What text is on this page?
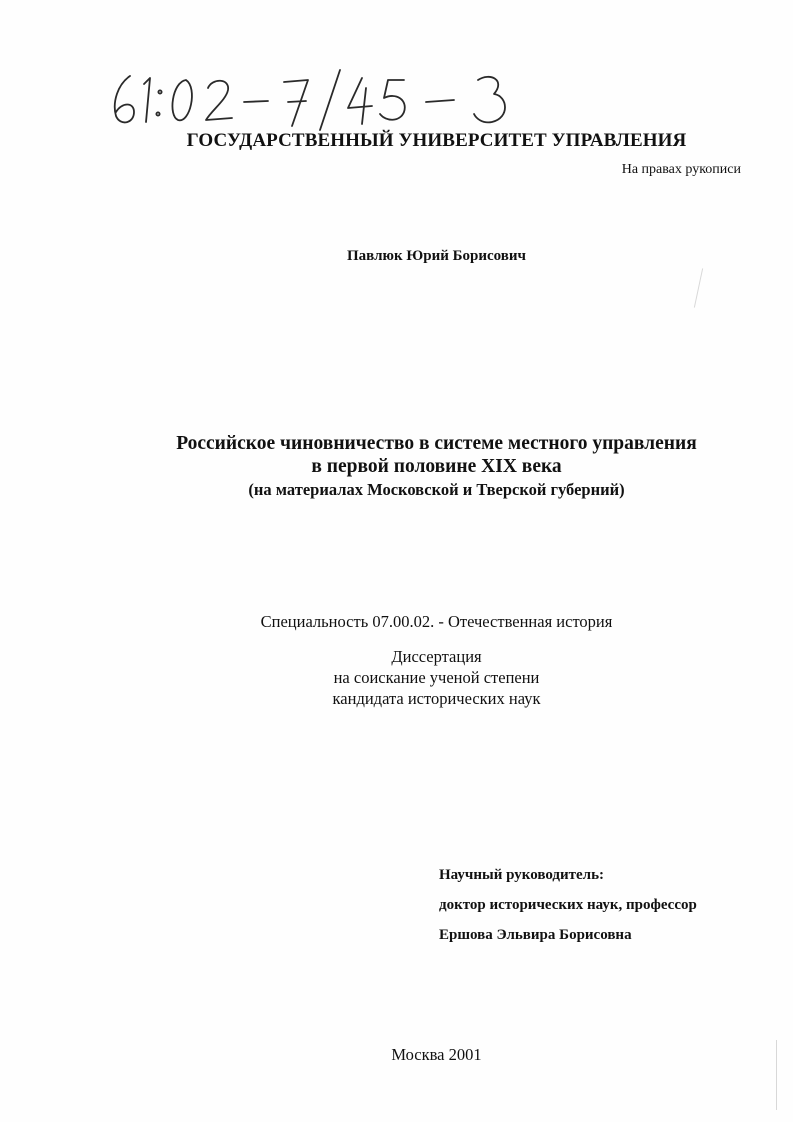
ГОСУДАРСТВЕННЫЙ УНИВЕРСИТЕТ УПРАВЛЕНИЯ
На правах рукописи
Павлюк Юрий Борисович
Российское чиновничество в системе местного управления
в первой половине XIX века
(на материалах Московской и Тверской губерний)
Специальность 07.00.02. - Отечественная история
Диссертация
на соискание ученой степени
кандидата исторических наук
Научный руководитель:
доктор исторических наук, профессор
Ершова Эльвира Борисовна
Москва 2001
